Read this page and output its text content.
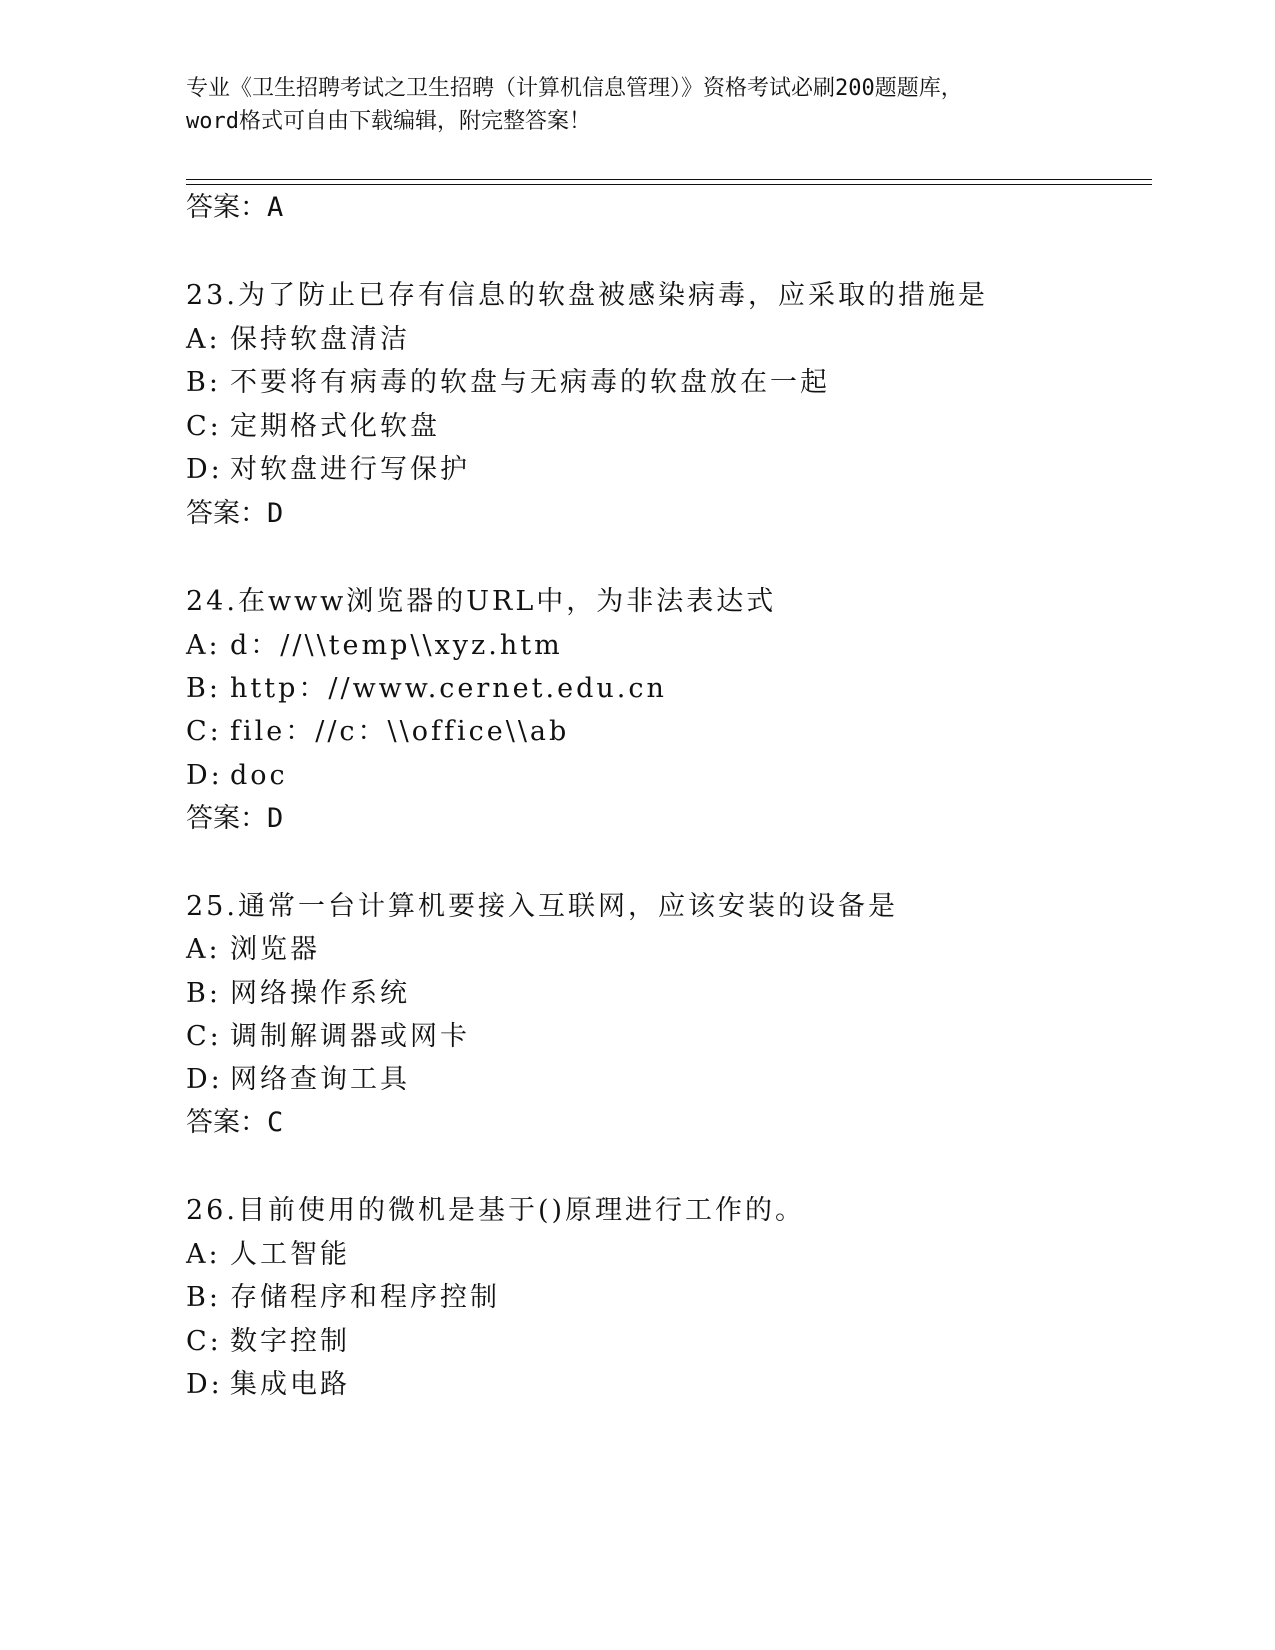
专业《卫生招聘考试之卫生招聘（计算机信息管理）》资格考试必刷200题题库，
word格式可自由下载编辑，附完整答案！
答案：A
23.为了防止已存有信息的软盘被感染病毒，应采取的措施是
A: 保持软盘清洁
B: 不要将有病毒的软盘与无病毒的软盘放在一起
C: 定期格式化软盘
D: 对软盘进行写保护
答案：D
24.在www浏览器的URL中，为非法表达式
A: d：//\\temp\\xyz.htm
B: http：//www.cernet.edu.cn
C: file：//c：\\office\\ab
D: doc
答案：D
25.通常一台计算机要接入互联网，应该安装的设备是
A: 浏览器
B: 网络操作系统
C: 调制解调器或网卡
D: 网络查询工具
答案：C
26.目前使用的微机是基于()原理进行工作的。
A: 人工智能
B: 存储程序和程序控制
C: 数字控制
D: 集成电路
